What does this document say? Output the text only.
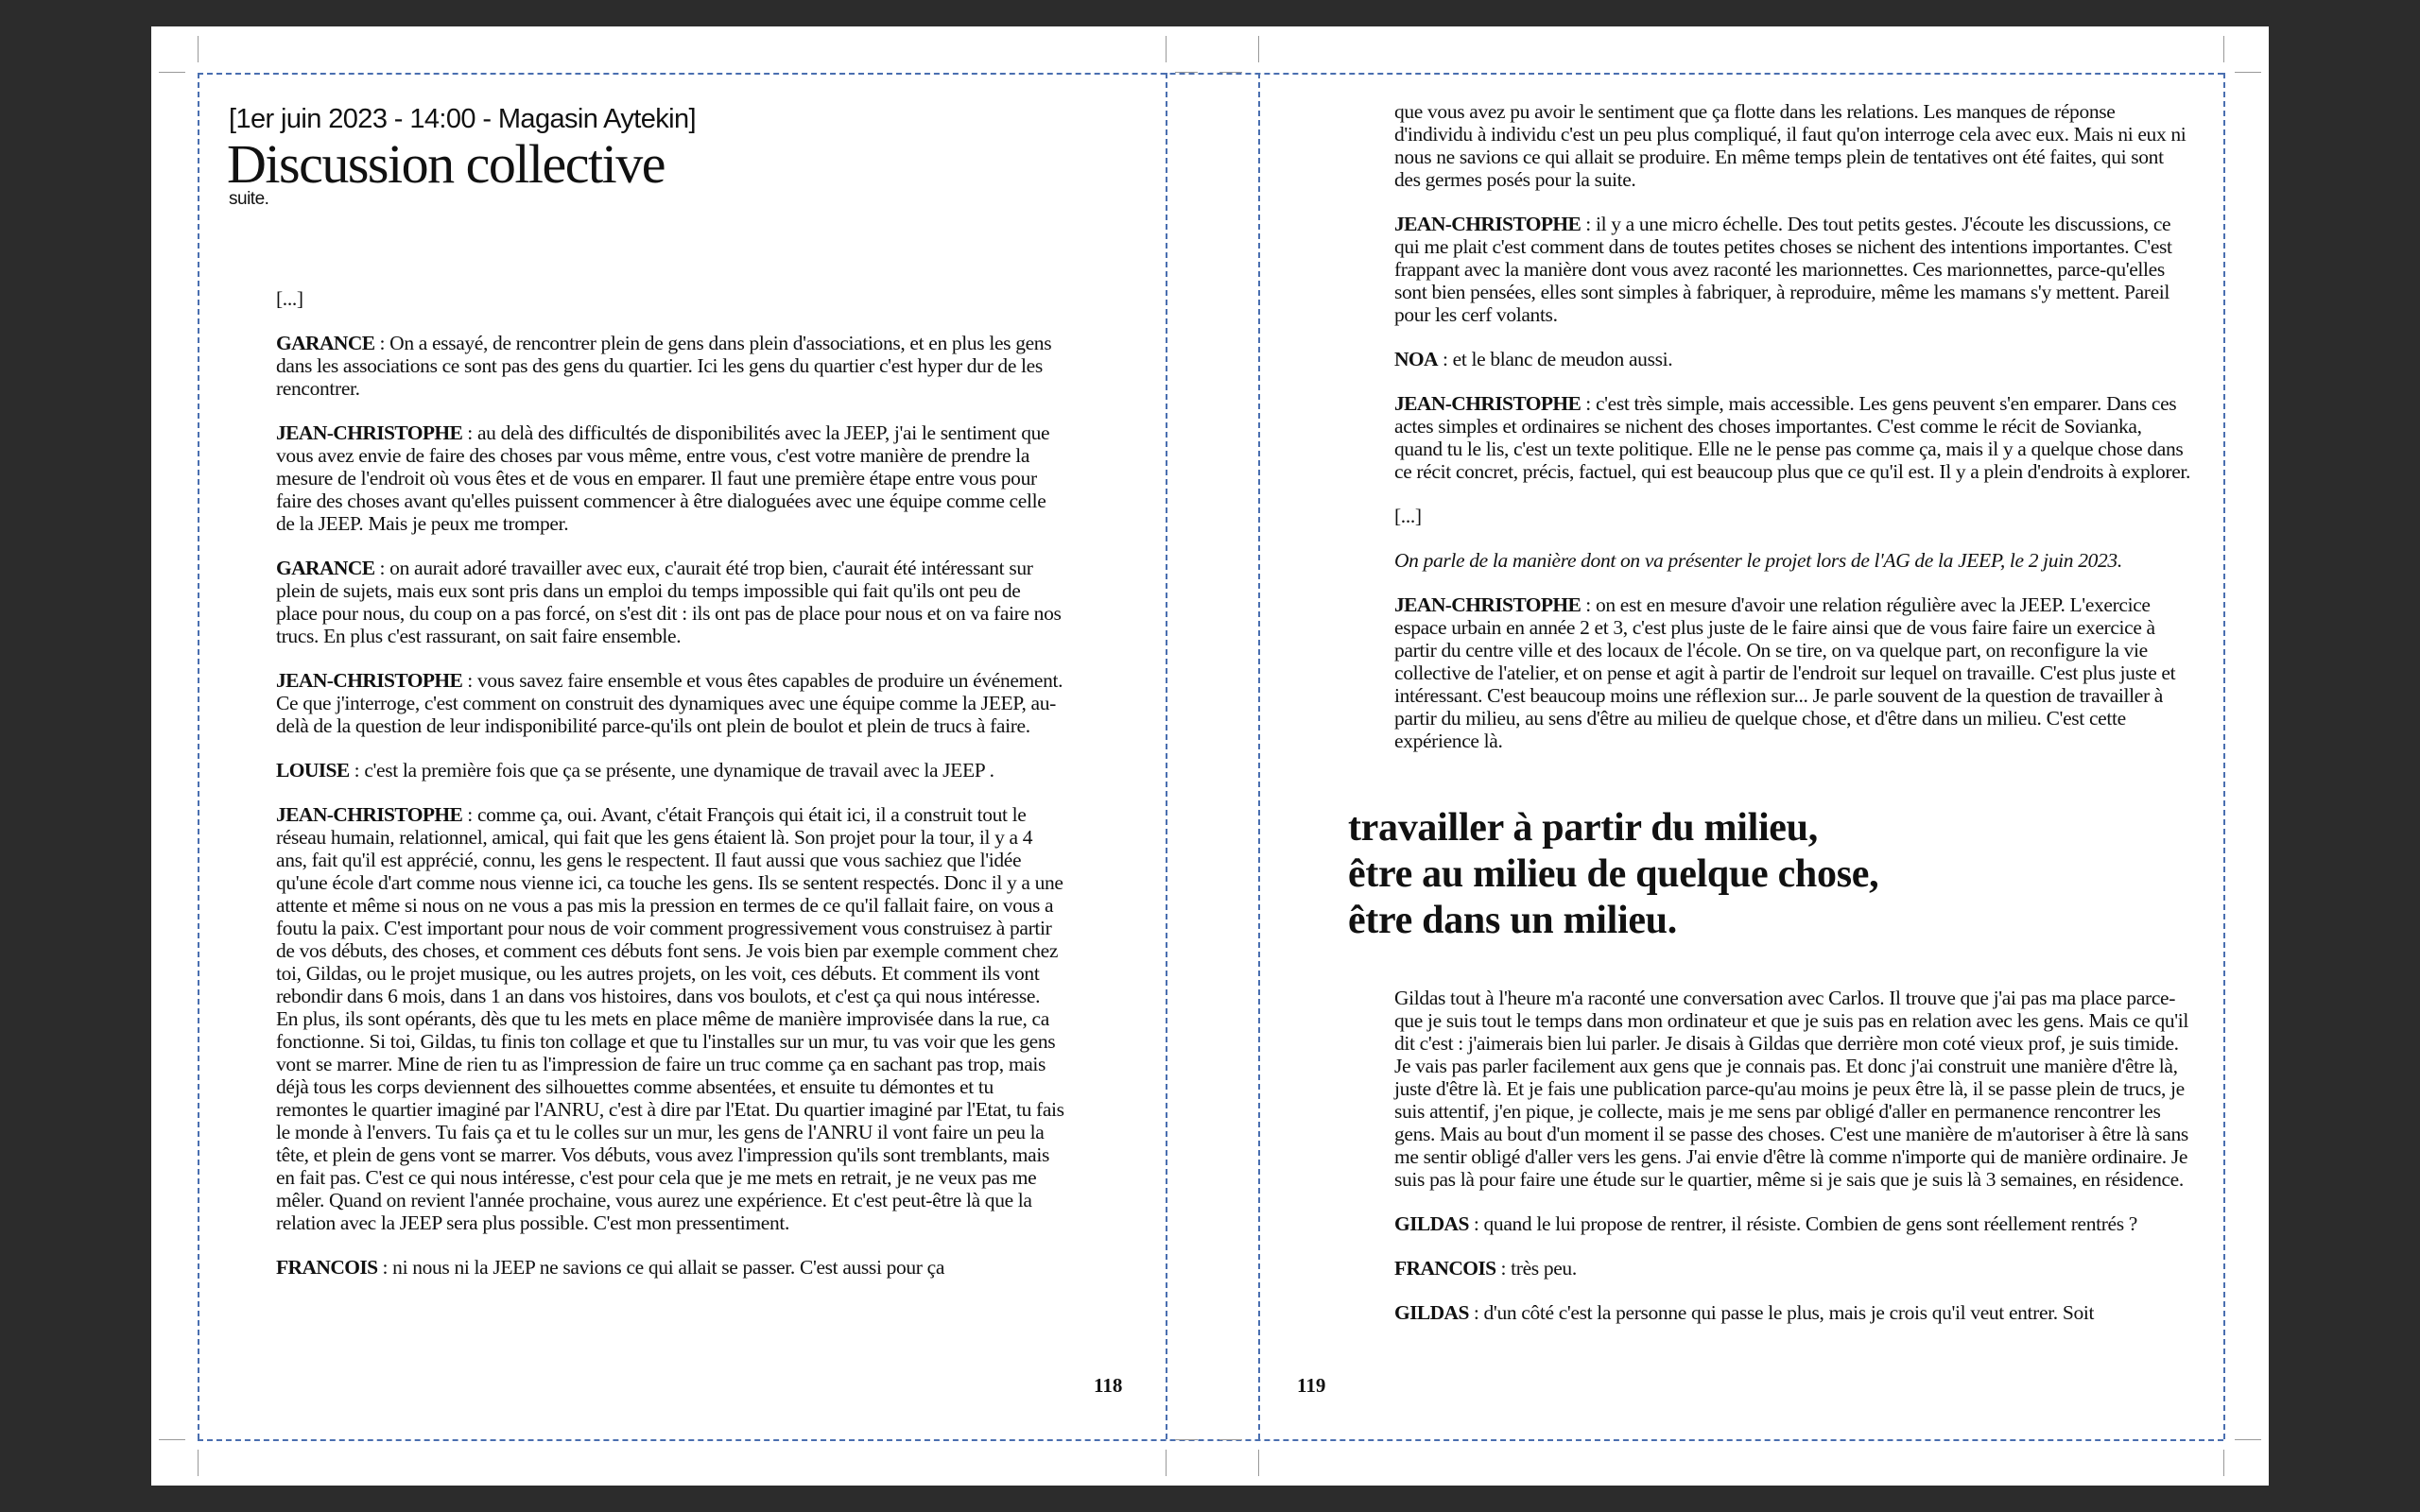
[1er juin 2023 - 14:00 - Magasin Aytekin]
Discussion collective
suite.

[...]

GARANCE : On a essayé, de rencontrer plein de gens dans plein d'associations, et en plus les gens dans les associations ce sont pas des gens du quartier. Ici les gens du quartier c'est hyper dur de les rencontrer.

JEAN-CHRISTOPHE : au delà des difficultés de disponibilités avec la JEEP, j'ai le sentiment que vous avez envie de faire des choses par vous même, entre vous, c'est votre manière de prendre la mesure de l'endroit où vous êtes et de vous en emparer. Il faut une première étape entre vous pour faire des choses avant qu'elles puissent commencer à être dialoguées avec une équipe comme celle de la JEEP. Mais je peux me tromper.

GARANCE : on aurait adoré travailler avec eux, c'aurait été trop bien, c'aurait été intéressant sur plein de sujets, mais eux sont pris dans un emploi du temps impossible qui fait qu'ils ont peu de place pour nous, du coup on a pas forcé, on s'est dit : ils ont pas de place pour nous et on va faire nos trucs. En plus c'est rassurant, on sait faire ensemble.

JEAN-CHRISTOPHE : vous savez faire ensemble et vous êtes capables de produire un événement. Ce que j'interroge, c'est comment on construit des dynamiques avec une équipe comme la JEEP, au-delà de la question de leur indisponibilité parce-qu'ils ont plein de boulot et plein de trucs à faire.

LOUISE : c'est la première fois que ça se présente, une dynamique de travail avec la JEEP .

JEAN-CHRISTOPHE : comme ça, oui. Avant, c'était François qui était ici, il a construit tout le réseau humain, relationnel, amical, qui fait que les gens étaient là. Son projet pour la tour, il y a 4 ans, fait qu'il est apprécié, connu, les gens le respectent. Il faut aussi que vous sachiez que l'idée qu'une école d'art comme nous vienne ici, ca touche les gens. Ils se sentent respectés. Donc il y a une attente et même si nous on ne vous a pas mis la pression en termes de ce qu'il fallait faire, on vous a foutu la paix. C'est important pour nous de voir comment progressivement vous construisez à partir de vos débuts, des choses, et comment ces débuts font sens. Je vois bien par exemple comment chez toi, Gildas, ou le projet musique, ou les autres projets, on les voit, ces débuts. Et comment ils vont rebondir dans 6 mois, dans 1 an dans vos histoires, dans vos boulots, et c'est ça qui nous intéresse. En plus, ils sont opérants, dès que tu les mets en place même de manière improvisée dans la rue, ca fonctionne. Si toi, Gildas, tu finis ton collage et que tu l'installes sur un mur, tu vas voir que les gens vont se marrer. Mine de rien tu as l'impression de faire un truc comme ça en sachant pas trop, mais déjà tous les corps deviennent des silhouettes comme absentées, et ensuite tu démontes et tu remontes le quartier imaginé par l'ANRU, c'est à dire par l'Etat. Du quartier imaginé par l'Etat, tu fais le monde à l'envers. Tu fais ça et tu le colles sur un mur, les gens de l'ANRU il vont faire un peu la tête, et plein de gens vont se marrer. Vos débuts, vous avez l'impression qu'ils sont tremblants, mais en fait pas. C'est ce qui nous intéresse, c'est pour cela que je me mets en retrait, je ne veux pas me mêler. Quand on revient l'année prochaine, vous aurez une expérience. Et c'est peut-être là que la relation avec la JEEP sera plus possible. C'est mon pressentiment.

FRANCOIS : ni nous ni la JEEP ne savions ce qui allait se passer. C'est aussi pour ça

que vous avez pu avoir le sentiment que ça flotte dans les relations. Les manques de réponse d'individu à individu c'est un peu plus compliqué, il faut qu'on interroge cela avec eux. Mais ni eux ni nous ne savions ce qui allait se produire. En même temps plein de tentatives ont été faites, qui sont des germes posés pour la suite.

JEAN-CHRISTOPHE : il y a une micro échelle. Des tout petits gestes. J'écoute les discussions, ce qui me plait c'est comment dans de toutes petites choses se nichent des intentions importantes. C'est frappant avec la manière dont vous avez raconté les marionnettes. Ces marionnettes, parce-qu'elles sont bien pensées, elles sont simples à fabriquer, à reproduire, même les mamans s'y mettent. Pareil pour les cerf volants.

NOA : et le blanc de meudon aussi.

JEAN-CHRISTOPHE : c'est très simple, mais accessible. Les gens peuvent s'en emparer. Dans ces actes simples et ordinaires se nichent des choses importantes. C'est comme le récit de Sovianka, quand tu le lis, c'est un texte politique. Elle ne le pense pas comme ça, mais il y a quelque chose dans ce récit concret, précis, factuel, qui est beaucoup plus que ce qu'il est. Il y a plein d'endroits à explorer.

[...]

On parle de la manière dont on va présenter le projet lors de l'AG de la JEEP, le 2 juin 2023.

JEAN-CHRISTOPHE : on est en mesure d'avoir une relation régulière avec la JEEP. L'exercice espace urbain en année 2 et 3, c'est plus juste de le faire ainsi que de vous faire faire un exercice à partir du centre ville et des locaux de l'école. On se tire, on va quelque part, on reconfigure la vie collective de l'atelier, et on pense et agit à partir de l'endroit sur lequel on travaille. C'est plus juste et intéressant. C'est beaucoup moins une réflexion sur... Je parle souvent de la question de travailler à partir du milieu, au sens d'être au milieu de quelque chose, et d'être dans un milieu. C'est cette expérience là.

travailler à partir du milieu,
être au milieu de quelque chose,
être dans un milieu.

Gildas tout à l'heure m'a raconté une conversation avec Carlos. Il trouve que j'ai pas ma place parce-que je suis tout le temps dans mon ordinateur et que je suis pas en relation avec les gens. Mais ce qu'il dit c'est : j'aimerais bien lui parler. Je disais à Gildas que derrière mon coté vieux prof, je suis timide. Je vais pas parler facilement aux gens que je connais pas. Et donc j'ai construit une manière d'être là, juste d'être là. Et je fais une publication parce-qu'au moins je peux être là, il se passe plein de trucs, je suis attentif, j'en pique, je collecte, mais je me sens par obligé d'aller en permanence rencontrer les gens. Mais au bout d'un moment il se passe des choses. C'est une manière de m'autoriser à être là sans me sentir obligé d'aller vers les gens. J'ai envie d'être là comme n'importe qui de manière ordinaire. Je suis pas là pour faire une étude sur le quartier, même si je sais que je suis là 3 semaines, en résidence.

GILDAS : quand le lui propose de rentrer, il résiste. Combien de gens sont réellement rentrés ?

FRANCOIS : très peu.

GILDAS : d'un côté c'est la personne qui passe le plus, mais je crois qu'il veut entrer. Soit

118	119
